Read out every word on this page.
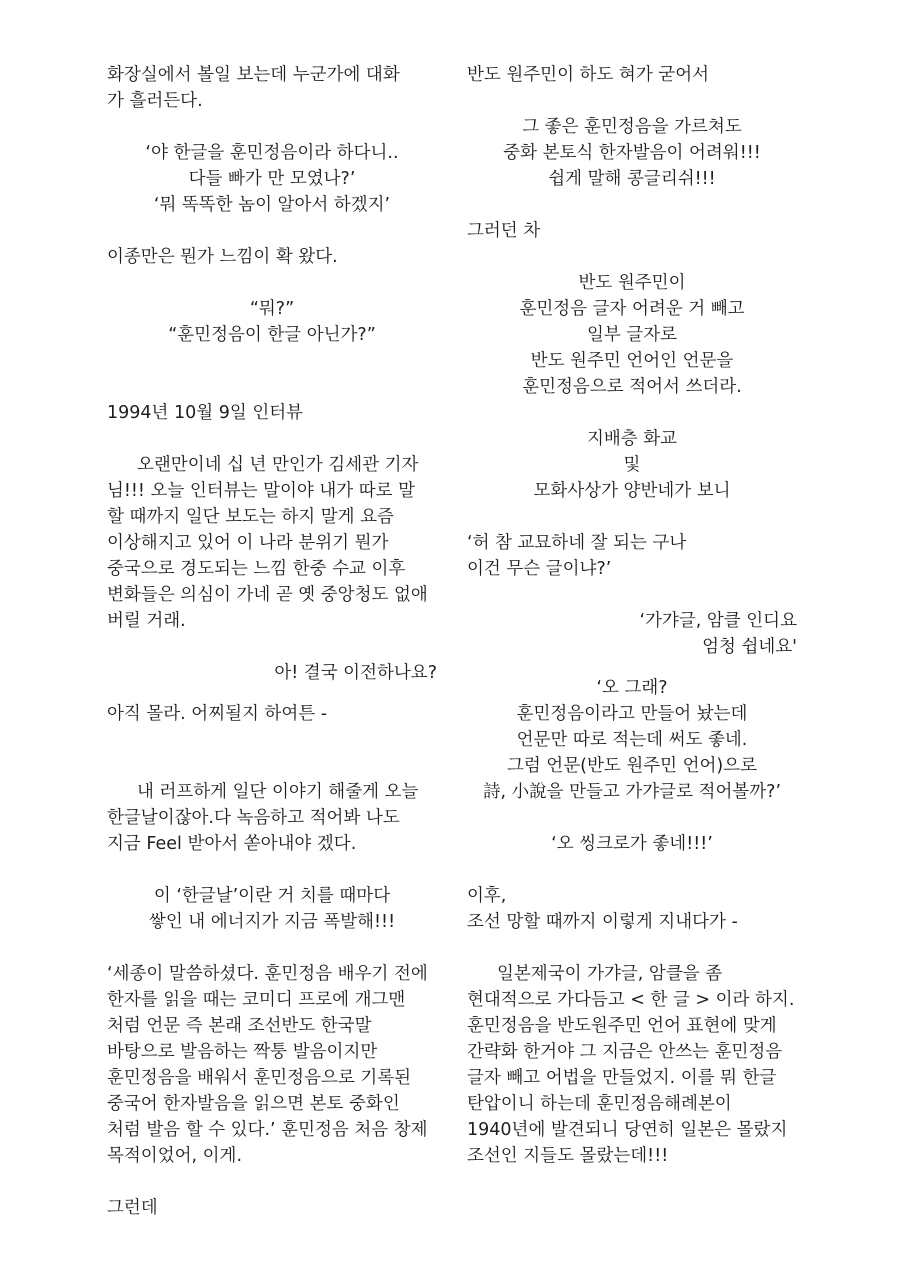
화장실에서 볼일 보는데 누군가에 대화
가 흘러든다.

‘야 한글을 훈민정음이라 하다니..
다들 빠가 만 모였나?’
‘뭐 똑똑한 놈이 알아서 하겠지’

이종만은 뭔가 느낌이 확 왔다.

“뭐?”
“훈민정음이 한글 아닌가?”

1994년 10월 9일 인터뷰

오랜만이네 십 년 만인가 김세관 기자 님!!! 오늘 인터뷰는 말이야 내가 따로 말 할 때까지 일단 보도는 하지 말게 요즘 이상해지고 있어 이 나라 분위기 뭔가 중국으로 경도되는 느낌 한중 수교 이후 변화들은 의심이 가네 곧 옛 중앙청도 없애 버릴 거래.

아! 결국 이전하나요?

아직 몰라. 어찌될지 하여튼 -

내 러프하게 일단 이야기 해줄게 오늘 한글날이잖아.다 녹음하고 적어봐 나도 지금 Feel 받아서 쏟아내야 겠다.

이 ‘한글날’이란 거 치를 때마다
쌓인 내 에너지가 지금 폭발해!!!

‘세종이 말씀하셨다. 훈민정음 배우기 전에 한자를 읽을 때는 코미디 프로에 개그맨 처럼 언문 즉 본래 조선반도 한국말 바탕으로 발음하는 짝퉁 발음이지만 훈민정음을 배워서 훈민정음으로 기록된 중국어 한자발음을 읽으면 본토 중화인 처럼 발음 할 수 있다.’ 훈민정음 처음 창제 목적이었어, 이게.

그런데

반도 원주민이 하도 혀가 굳어서

그 좋은 훈민정음을 가르쳐도
중화 본토식 한자발음이 어려워!!!
쉽게 말해 콩글리쉬!!!

그러던 차

반도 원주민이
훈민정음 글자 어려운 거 빼고
일부 글자로
반도 원주민 언어인 언문을
훈민정음으로 적어서 쓰더라.

지배층 화교
및
모화사상가 양반네가 보니

‘허 참 교묘하네 잘 되는 구나
이건 무슨 글이냐?’

‘가갸글, 암클 인디요
엄청 쉽네요'

‘오 그래?
훈민정음이라고 만들어 놨는데
언문만 따로 적는데 써도 좋네.
그럼 언문(반도 원주민 언어)으로
詩, 小說을 만들고 가갸글로 적어볼까?’

‘오 씽크로가 좋네!!!’

이후,
조선 망할 때까지 이렇게 지내다가 -

일본제국이 가갸글, 암클을 좀 현대적으로 가다듬고 < 한 글 > 이라 하지. 훈민정음을 반도원주민 언어 표현에 맞게 간략화 한거야 그 지금은 안쓰는 훈민정음 글자 빼고 어법을 만들었지. 이를 뭐 한글 탄압이니 하는데 훈민정음해례본이 1940년에 발견되니 당연히 일본은 몰랐지 조선인 지들도 몰랐는데!!!
